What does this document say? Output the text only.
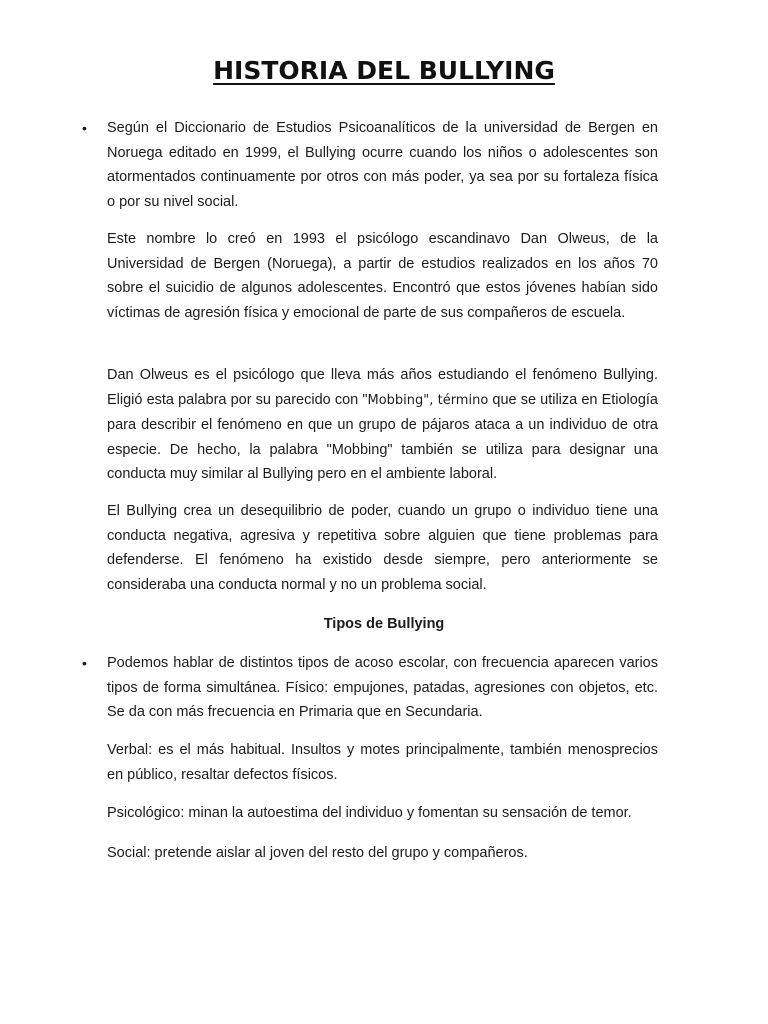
HISTORIA DEL BULLYING
• Según el Diccionario de Estudios Psicoanalíticos de la universidad de Bergen en Noruega editado en 1999, el Bullying ocurre cuando los niños o adolescentes son atormentados continuamente por otros con más poder, ya sea por su fortaleza física o por su nivel social.

Este nombre lo creó en 1993 el psicólogo escandinavo Dan Olweus, de la Universidad de Bergen (Noruega), a partir de estudios realizados en los años 70 sobre el suicidio de algunos adolescentes. Encontró que estos jóvenes habían sido víctimas de agresión física y emocional de parte de sus compañeros de escuela.

Dan Olweus es el psicólogo que lleva más años estudiando el fenómeno Bullying. Eligió esta palabra por su parecido con "Mobbing", término que se utiliza en Etiología para describir el fenómeno en que un grupo de pájaros ataca a un individuo de otra especie. De hecho, la palabra "Mobbing" también se utiliza para designar una conducta muy similar al Bullying pero en el ambiente laboral.

El Bullying crea un desequilibrio de poder, cuando un grupo o individuo tiene una conducta negativa, agresiva y repetitiva sobre alguien que tiene problemas para defenderse. El fenómeno ha existido desde siempre, pero anteriormente se consideraba una conducta normal y no un problema social.

Tipos de Bullying
• Podemos hablar de distintos tipos de acoso escolar, con frecuencia aparecen varios tipos de forma simultánea. Físico: empujones, patadas, agresiones con objetos, etc. Se da con más frecuencia en Primaria que en Secundaria.

Verbal: es el más habitual. Insultos y motes principalmente, también menosprecios en público, resaltar defectos físicos.

Psicológico: minan la autoestima del individuo y fomentan su sensación de temor.

Social: pretende aislar al joven del resto del grupo y compañeros.
